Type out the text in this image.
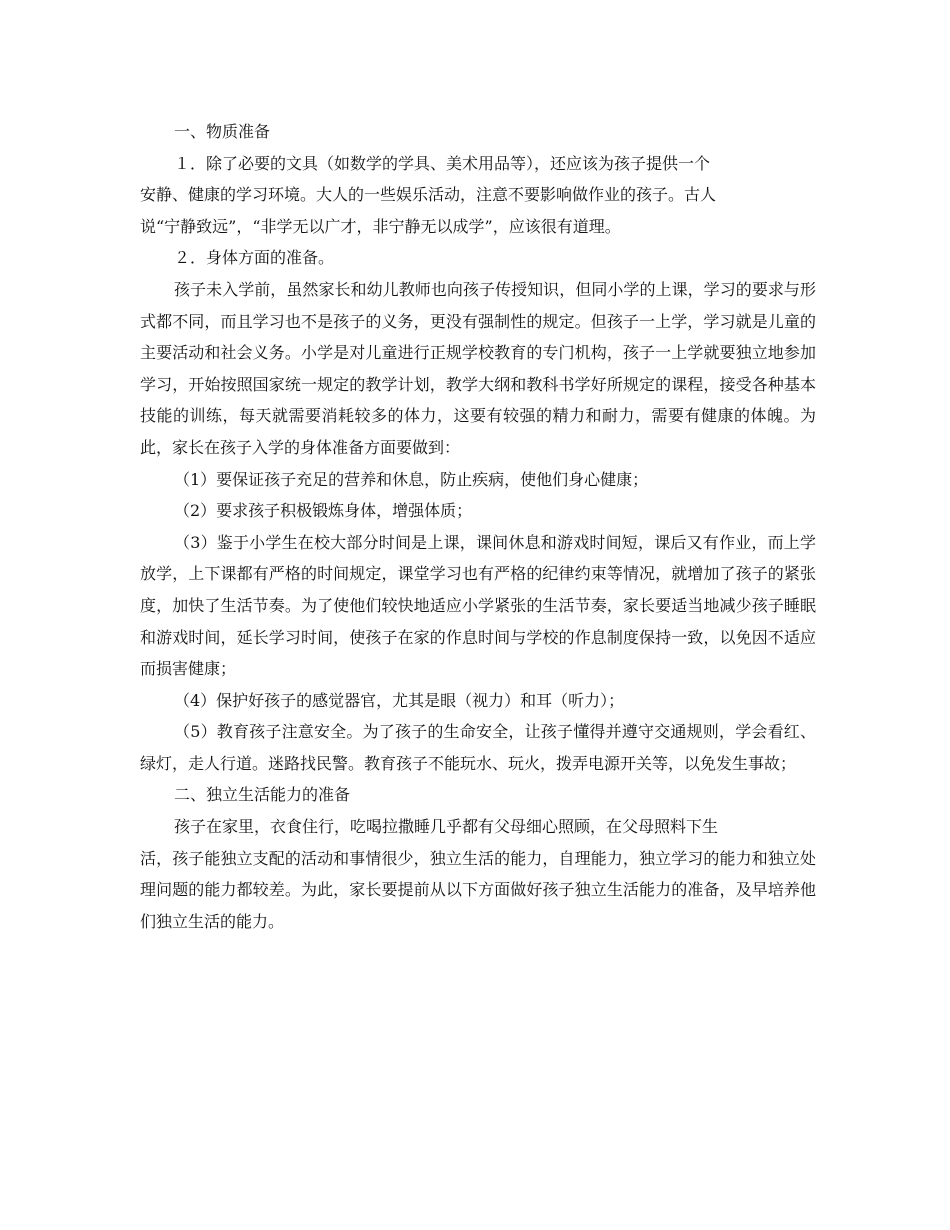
一、物质准备

１．除了必要的文具（如数学的学具、美术用品等），还应该为孩子提供一个

安静、健康的学习环境。大人的一些娱乐活动，注意不要影响做作业的孩子。古人

说“宁静致远”，“非学无以广才，非宁静无以成学”，应该很有道理。

２．身体方面的准备。

孩子未入学前，虽然家长和幼儿教师也向孩子传授知识，但同小学的上课，学习的要求与形式都不同，而且学习也不是孩子的义务，更没有强制性的规定。但孩子一上学，学习就是儿童的主要活动和社会义务。小学是对儿童进行正规学校教育的专门机构，孩子一上学就要独立地参加学习，开始按照国家统一规定的教学计划，教学大纲和教科书学好所规定的课程，接受各种基本技能的训练，每天就需要消耗较多的体力，这要有较强的精力和耐力，需要有健康的体魄。为此，家长在孩子入学的身体准备方面要做到：

（1）要保证孩子充足的营养和休息，防止疾病，使他们身心健康；

（2）要求孩子积极锻炼身体，增强体质；

（3）鉴于小学生在校大部分时间是上课，课间休息和游戏时间短，课后又有作业，而上学放学，上下课都有严格的时间规定，课堂学习也有严格的纪律约束等情况，就增加了孩子的紧张度，加快了生活节奏。为了使他们较快地适应小学紧张的生活节奏，家长要适当地减少孩子睡眠和游戏时间，延长学习时间，使孩子在家的作息时间与学校的作息制度保持一致，以免因不适应而损害健康；

（4）保护好孩子的感觉器官，尤其是眼（视力）和耳（听力）；

（5）教育孩子注意安全。为了孩子的生命安全，让孩子懂得并遵守交通规则，学会看红、绿灯，走人行道。迷路找民警。教育孩子不能玩水、玩火，拨弄电源开关等，以免发生事故；

二、独立生活能力的准备

孩子在家里，衣食住行，吃喝拉撒睡几乎都有父母细心照顾，在父母照料下生

活，孩子能独立支配的活动和事情很少，独立生活的能力，自理能力，独立学习的能力和独立处理问题的能力都较差。为此，家长要提前从以下方面做好孩子独立生活能力的准备，及早培养他们独立生活的能力。
